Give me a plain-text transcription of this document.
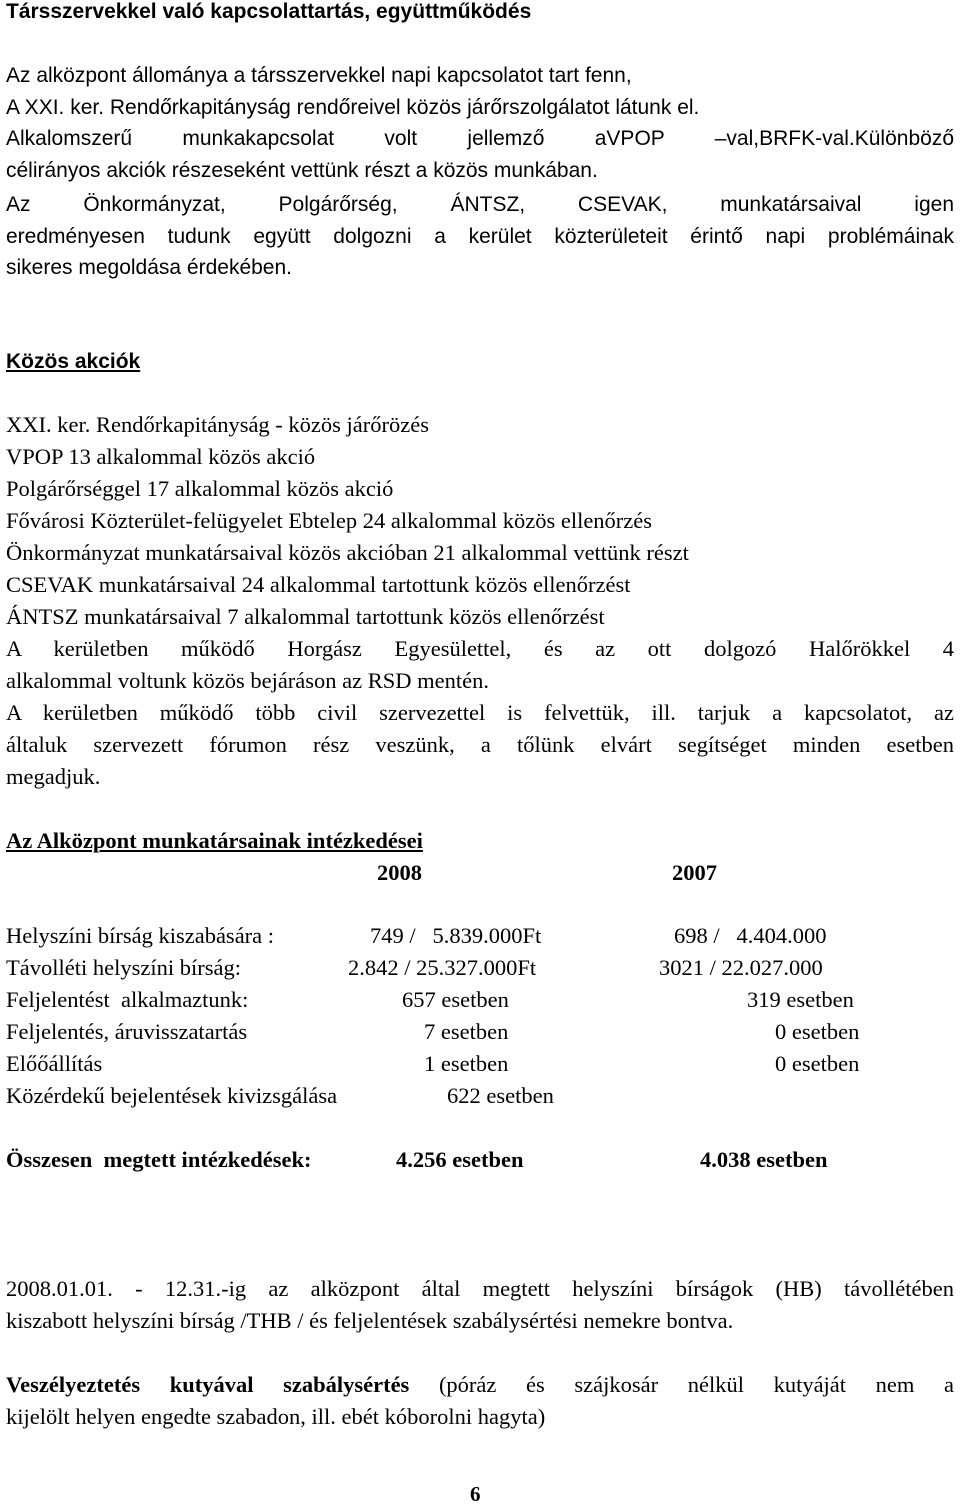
Társszervekkel való kapcsolattartás, együttműködés
Az alközpont állománya a társszervekkel napi kapcsolatot tart fenn,
A XXI. ker. Rendőrkapitányság rendőreivel közös járőrszolgálatot látunk el.
Alkalomszerű munkakapcsolat volt jellemző aVPOP –val,BRFK-val.Különböző
célirányos akciók részeseként vettünk részt a közös munkában.
Az Önkormányzat, Polgárőrség, ÁNTSZ, CSEVAK, munkatársaival igen
eredményesen tudunk együtt dolgozni a kerület közterületeit érintő napi problémáinak
sikeres megoldása érdekében.
Közös akciók
XXI. ker. Rendőrkapitányság - közös járőrözés
VPOP 13 alkalommal közös akció
Polgárőrséggel 17 alkalommal közös akció
Fővárosi Közterület-felügyelet Ebtelep 24 alkalommal közös ellenőrzés
Önkormányzat munkatársaival közös akcióban 21 alkalommal vettünk részt
CSEVAK munkatársaival 24 alkalommal tartottunk közös ellenőrzést
ÁNTSZ munkatársaival 7 alkalommal tartottunk közös ellenőrzést
A kerületben működő Horgász Egyesülettel, és az ott dolgozó Halőrökkel 4
alkalommal voltunk közös bejáráson az RSD mentén.
A kerületben működő több civil szervezettel is felvettük, ill. tarjuk a kapcsolatot, az
általuk szervezett fórumon rész veszünk, a tőlünk elvárt segítséget minden esetben
megadjuk.
Az Alközpont munkatársainak intézkedései
2008	2007
Helyszíni bírság kiszabására :	749 /   5.839.000Ft	698 /   4.404.000
Távolléti helyszíni bírság:	2.842 / 25.327.000Ft	3021 / 22.027.000
Feljelentést  alkalmaztunk:	657 esetben	319 esetben
Feljelentés, áruvisszatartás	7 esetben	0 esetben
Előőállítás	1 esetben	0 esetben
Közérdekű bejelentések kivizsgálása	622 esetben
Összesen  megtett intézkedések:	4.256 esetben	4.038 esetben
2008.01.01. - 12.31.-ig az alközpont által megtett helyszíni bírságok (HB) távollétében
kiszabott helyszíni bírság /THB / és feljelentések szabálysértési nemekre bontva.
Veszélyeztetés kutyával szabálysértés (póráz és szájkosár nélkül kutyáját nem a
kijelölt helyen engedte szabadon, ill. ebét kóborolni hagyta)
6
